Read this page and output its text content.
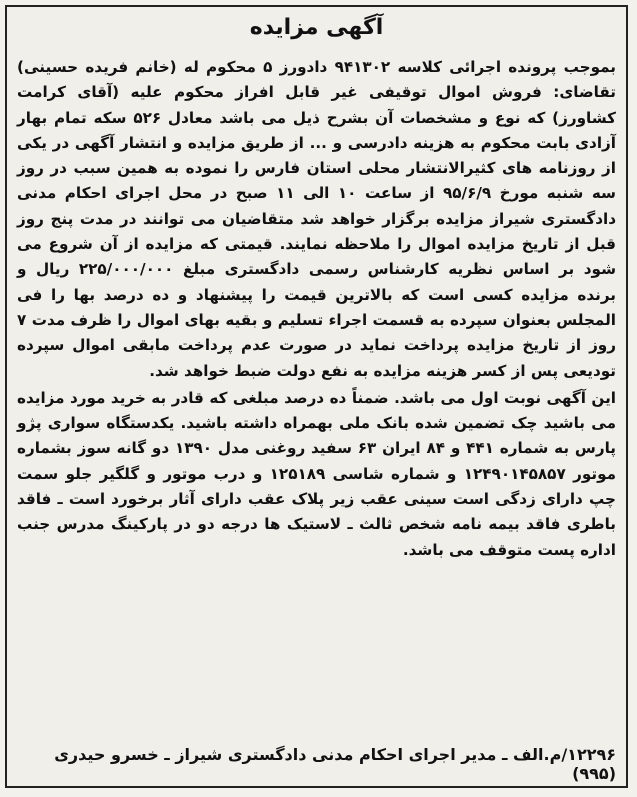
آگهی مزایده

بموجب پرونده اجرائی کلاسه ۹۴۱۳۰۲ دادورز ۵ محکوم له (خانم فریده حسینی) تقاضای: فروش اموال توقیفی غیر قابل افراز محکوم علیه (آقای کرامت کشاورز) که نوع و مشخصات آن بشرح ذیل می باشد معادل ۵۲۶ سکه تمام بهار آزادی بابت محکوم به هزینه دادرسی و ... از طریق مزایده و انتشار آگهی در یکی از روزنامه های کثیرالانتشار محلی استان فارس را نموده به همین سبب در روز سه شنبه مورخ ۹۵/۶/۹ از ساعت ۱۰ الی ۱۱ صبح در محل اجرای احکام مدنی دادگستری شیراز مزایده برگزار خواهد شد متقاضیان می توانند در مدت پنج روز قبل از تاریخ مزایده اموال را ملاحظه نمایند. قیمتی که مزایده از آن شروع می شود بر اساس نظریه کارشناس رسمی دادگستری مبلغ ۲۲۵/۰۰۰/۰۰۰ ریال و برنده مزایده کسی است که بالاترین قیمت را پیشنهاد و ده درصد بها را فی المجلس بعنوان سپرده به قسمت اجراء تسلیم و بقیه بهای اموال را ظرف مدت ۷ روز از تاریخ مزایده پرداخت نماید در صورت عدم پرداخت مابقی اموال سپرده تودیعی پس از کسر هزینه مزایده به نفع دولت ضبط خواهد شد.

این آگهی نوبت اول می باشد. ضمناً ده درصد مبلغی که قادر به خرید مورد مزایده می باشید چک تضمین شده بانک ملی بهمراه داشته باشید. یکدستگاه سواری پژو پارس به شماره ۴۴۱ و ۸۴ ایران ۶۳ سفید روغنی مدل ۱۳۹۰ دو گانه سوز بشماره موتور ۱۲۴۹۰۱۴۵۸۵۷ و شماره شاسی ۱۲۵۱۸۹ و درب موتور و گلگیر جلو سمت چپ دارای زدگی است سینی عقب زیر پلاک عقب دارای آثار برخورد است ـ فاقد باطری فاقد بیمه نامه شخص ثالث ـ لاستیک ها درجه دو در پارکینگ مدرس جنب اداره پست متوقف می باشد.

۱۲۲۹۶/م.الف ـ مدیر اجرای احکام مدنی دادگستری شیراز ـ خسرو حیدری (۹۹۵)
